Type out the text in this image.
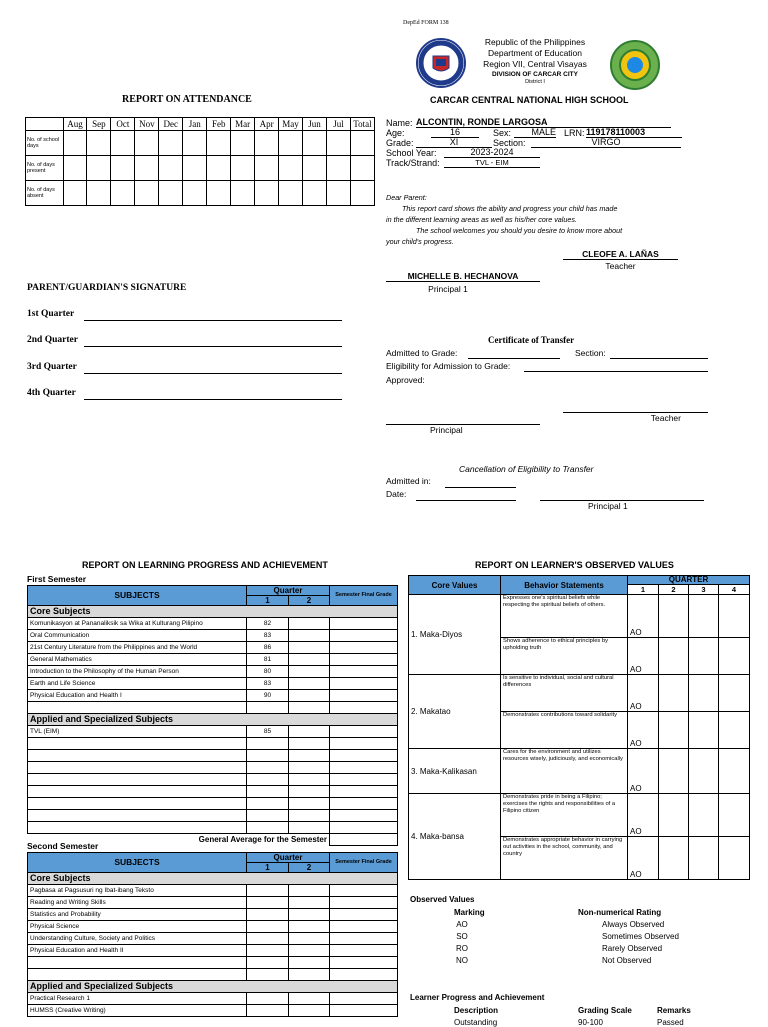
REPORT ON ATTENDANCE
	Aug	Sep	Oct	Nov	Dec	Jan	Feb	Mar	Apr	May	Jun	Jul	Total
No. of school days													
No. of days present													
No. of days absent													
PARENT/GUARDIAN'S SIGNATURE
1st Quarter
2nd Quarter
3rd Quarter
4th Quarter
DepEd FORM 138
Republic of the Philippines
Department of Education
Region VII, Central Visayas
DIVISION OF CARCAR CITY
District I
CARCAR CENTRAL NATIONAL HIGH SCHOOL
Name: ALCONTIN, RONDE LARGOSA
Age:	16	Sex:	MALE LRN: 119178110003
Grade:	XI	Section:	VIRGO
School Year:	2023-2024
Track/Strand:	TVL - EIM
Dear Parent:
This report card shows the ability and progress your child has made
in the different learning areas as well as his/her core values.
The school welcomes you should you desire to know more about
your child's progress.
CLEOFE A. LAÑAS
Teacher
MICHELLE B. HECHANOVA
Principal 1
Certificate of Transfer
Admitted to Grade:	Section:
Eligibility for Admission to Grade:
Approved:
Teacher
Principal
Cancellation of Eligibility to Transfer
Admitted in:
Date:
Principal 1
REPORT ON LEARNING PROGRESS AND ACHIEVEMENT
First Semester
SUBJECTS	Quarter		Semester Final Grade
	1	2	
Core Subjects			
Komunikasyon at Pananaliksik sa Wika at Kulturang Pilipino	82		
Oral Communication	83		
21st Century Literature from the Philippines and the World	86		
General Mathematics	81		
Introduction to the Philosophy of the Human Person	80		
Earth and Life Science	83		
Physical Education and Health I	90		

Applied and Specialized Subjects			
TVL (EIM)	85		

General Average for the Semester			
Second Semester
SUBJECTS	Quarter		Semester Final Grade
	1	2	
Core Subjects			
Pagbasa at Pagsusuri ng Ibat-ibang Teksto			
Reading and Writing Skills			
Statistics and Probability			
Physical Science			
Understanding Culture, Society and Politics			
Physical Education and Health II			

Applied and Specialized Subjects			
Practical Research 1			
HUMSS (Creative Writing)			
REPORT ON LEARNER'S OBSERVED VALUES
Core Values	Behavior Statements	QUARTER			
		1	2	3	4
1. Maka-Diyos	Expresses one's spiritual beliefs while respecting the spiritual beliefs of others.	AO			
	Shows adherence to ethical principles by upholding truth	AO			
2. Makatao	Is sensitive to individual, social and cultural differences	AO			
	Demonstrates contributions toward solidarity	AO			
3. Maka-Kalikasan	Cares for the environment and utilizes resources wisely, judiciously, and economically	AO			
4. Maka-bansa	Demonstrates pride in being a Filipino; exercises the rights and responsibilities of a Filipino citizen	AO			
	Demonstrates appropriate behavior in carrying out activities in the school, community, and country	AO			
Observed Values
Marking	Non-numerical Rating
AO	Always Observed
SO	Sometimes Observed
RO	Rarely Observed
NO	Not Observed
Learner Progress and Achievement
Description	Grading Scale	Remarks
Outstanding	90-100	Passed
